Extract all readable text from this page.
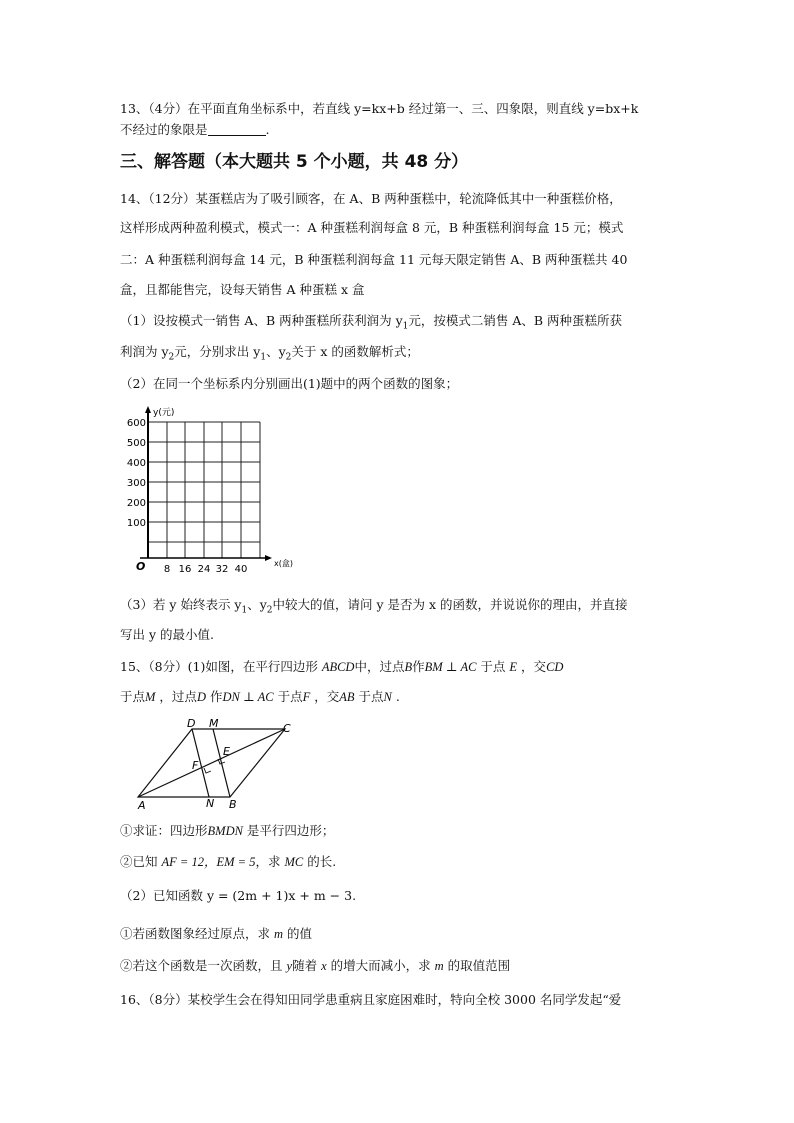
13、（4分）在平面直角坐标系中，若直线 y=kx+b 经过第一、三、四象限，则直线 y=bx+k
不经过的象限是	.
三、解答题（本大题共 5 个小题，共 48 分）
14、（12分）某蛋糕店为了吸引顾客，在 A、B 两种蛋糕中，轮流降低其中一种蛋糕价格，
这样形成两种盈利模式，模式一：A 种蛋糕利润每盒 8 元，B 种蛋糕利润每盒 15 元；模式
二：A 种蛋糕利润每盒 14 元，B 种蛋糕利润每盒 11 元每天限定销售 A、B 两种蛋糕共 40
盒，且都能售完，设每天销售 A 种蛋糕 x 盒
（1）设按模式一销售 A、B 两种蛋糕所获利润为 $y_1$元，按模式二销售 A、B 两种蛋糕所获
利润为 $y_2$元，分别求出 $y_1$、$y_2$关于 x 的函数解析式；
（2）在同一个坐标系内分别画出(1)题中的两个函数的图象；
y(元)
x(盒)
O
600
500
400
300
200
100
8 16 24 32 40
（3）若 y 始终表示 $y_1$、$y_2$中较大的值，请问 y 是否为 x 的函数，并说说你的理由，并直接
写出 y 的最小值.
15、（8分）(1)如图，在平行四边形 ABCD中，过点B作BM ⊥ AC 于点 E ，交CD
于点M ，过点D 作DN ⊥ AC 于点F ，交AB 于点N .
D M	C
E
F
A	N B
①求证：四边形BMDN 是平行四边形；
②已知 AF = 12，EM = 5，求 MC 的长.
（2）已知函数 y = (2m + 1)x + m − 3.
①若函数图象经过原点，求 m 的值
②若这个函数是一次函数，且 y随着 x 的增大而减小，求 m 的取值范围
16、（8分）某校学生会在得知田同学患重病且家庭困难时，特向全校 3000 名同学发起“爱
